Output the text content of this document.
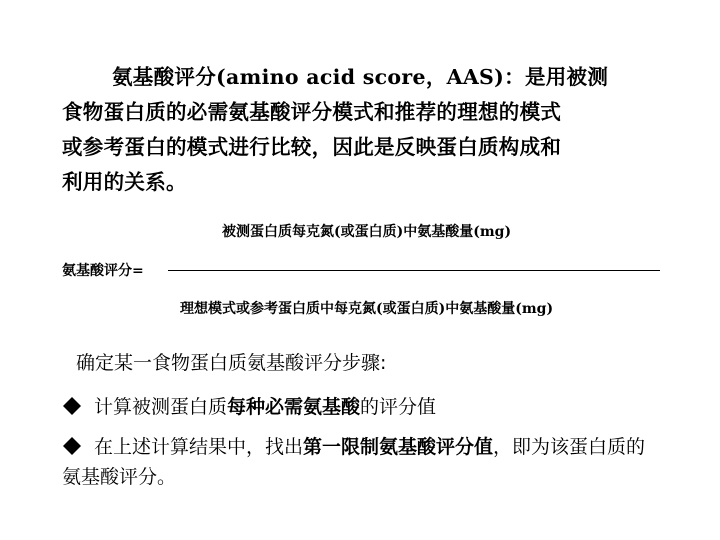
氨基酸评分(amino acid score，AAS)：是用被测
食物蛋白质的必需氨基酸评分模式和推荐的理想的模式
或参考蛋白的模式进行比较，因此是反映蛋白质构成和
利用的关系。
被测蛋白质每克氮(或蛋白质)中氨基酸量(mg)
氨基酸评分=
理想模式或参考蛋白质中每克氮(或蛋白质)中氨基酸量(mg)
确定某一食物蛋白质氨基酸评分步骤:
计算被测蛋白质每种必需氨基酸的评分值
在上述计算结果中，找出第一限制氨基酸评分值，即为该蛋白质的氨基酸评分。
